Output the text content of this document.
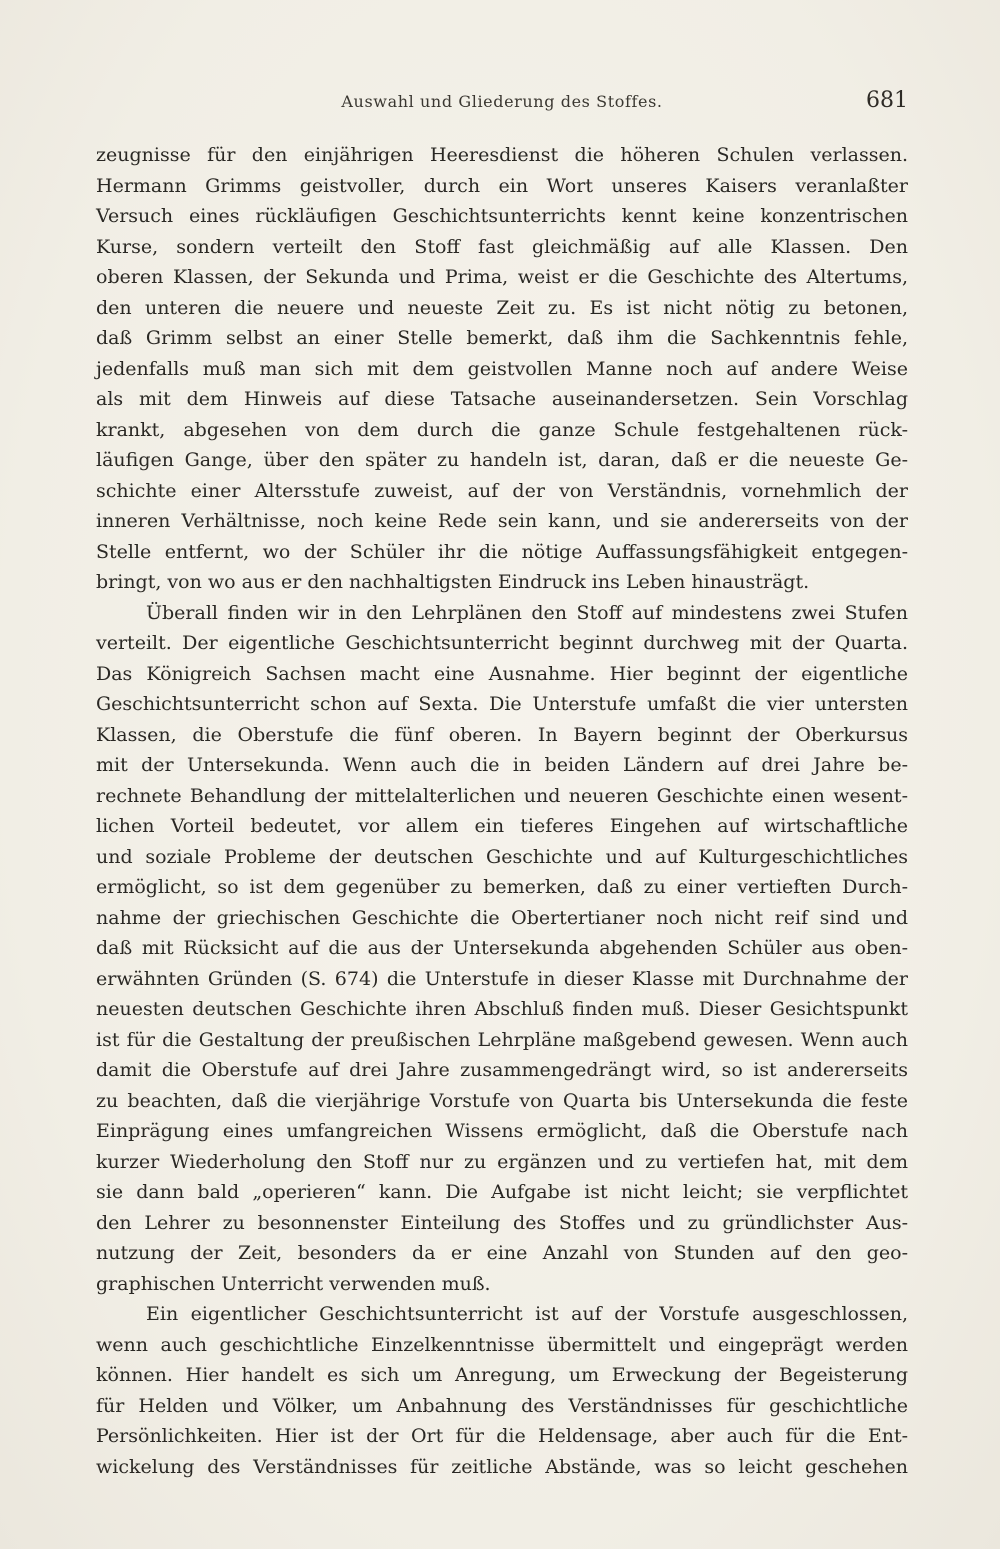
Auswahl und Gliederung des Stoffes.	681

zeugnisse für den einjährigen Heeresdienst die höheren Schulen verlassen.
Hermann Grimms geistvoller, durch ein Wort unseres Kaisers veranlaßter
Versuch eines rückläufigen Geschichtsunterrichts kennt keine konzentrischen
Kurse, sondern verteilt den Stoff fast gleichmäßig auf alle Klassen. Den
oberen Klassen, der Sekunda und Prima, weist er die Geschichte des Altertums,
den unteren die neuere und neueste Zeit zu. Es ist nicht nötig zu betonen,
daß Grimm selbst an einer Stelle bemerkt, daß ihm die Sachkenntnis fehle,
jedenfalls muß man sich mit dem geistvollen Manne noch auf andere Weise
als mit dem Hinweis auf diese Tatsache auseinandersetzen. Sein Vorschlag
krankt, abgesehen von dem durch die ganze Schule festgehaltenen rück-
läufigen Gange, über den später zu handeln ist, daran, daß er die neueste Ge-
schichte einer Altersstufe zuweist, auf der von Verständnis, vornehmlich der
inneren Verhältnisse, noch keine Rede sein kann, und sie andererseits von der
Stelle entfernt, wo der Schüler ihr die nötige Auffassungsfähigkeit entgegen-

bringt, von wo aus er den nachhaltigsten Eindruck ins Leben hinausträgt.

Überall finden wir in den Lehrplänen den Stoff auf mindestens zwei Stufen
verteilt. Der eigentliche Geschichtsunterricht beginnt durchweg mit der Quarta.
Das Königreich Sachsen macht eine Ausnahme. Hier beginnt der eigentliche
Geschichtsunterricht schon auf Sexta. Die Unterstufe umfaßt die vier untersten
Klassen, die Oberstufe die fünf oberen. In Bayern beginnt der Oberkursus
mit der Untersekunda. Wenn auch die in beiden Ländern auf drei Jahre be-
rechnete Behandlung der mittelalterlichen und neueren Geschichte einen wesent-
lichen Vorteil bedeutet, vor allem ein tieferes Eingehen auf wirtschaftliche
und soziale Probleme der deutschen Geschichte und auf Kulturgeschichtliches
ermöglicht, so ist dem gegenüber zu bemerken, daß zu einer vertieften Durch-
nahme der griechischen Geschichte die Obertertianer noch nicht reif sind und
daß mit Rücksicht auf die aus der Untersekunda abgehenden Schüler aus oben-
erwähnten Gründen (S. 674) die Unterstufe in dieser Klasse mit Durchnahme der
neuesten deutschen Geschichte ihren Abschluß finden muß. Dieser Gesichtspunkt
ist für die Gestaltung der preußischen Lehrpläne maßgebend gewesen. Wenn auch
damit die Oberstufe auf drei Jahre zusammengedrängt wird, so ist andererseits
zu beachten, daß die vierjährige Vorstufe von Quarta bis Untersekunda die feste
Einprägung eines umfangreichen Wissens ermöglicht, daß die Oberstufe nach
kurzer Wiederholung den Stoff nur zu ergänzen und zu vertiefen hat, mit dem
sie dann bald „operieren“ kann. Die Aufgabe ist nicht leicht; sie verpflichtet
den Lehrer zu besonnenster Einteilung des Stoffes und zu gründlichster Aus-
nutzung der Zeit, besonders da er eine Anzahl von Stunden auf den geo-

graphischen Unterricht verwenden muß.

Ein eigentlicher Geschichtsunterricht ist auf der Vorstufe ausgeschlossen,
wenn auch geschichtliche Einzelkenntnisse übermittelt und eingeprägt werden
können. Hier handelt es sich um Anregung, um Erweckung der Begeisterung
für Helden und Völker, um Anbahnung des Verständnisses für geschichtliche
Persönlichkeiten. Hier ist der Ort für die Heldensage, aber auch für die Ent-
wickelung des Verständnisses für zeitliche Abstände, was so leicht geschehen
